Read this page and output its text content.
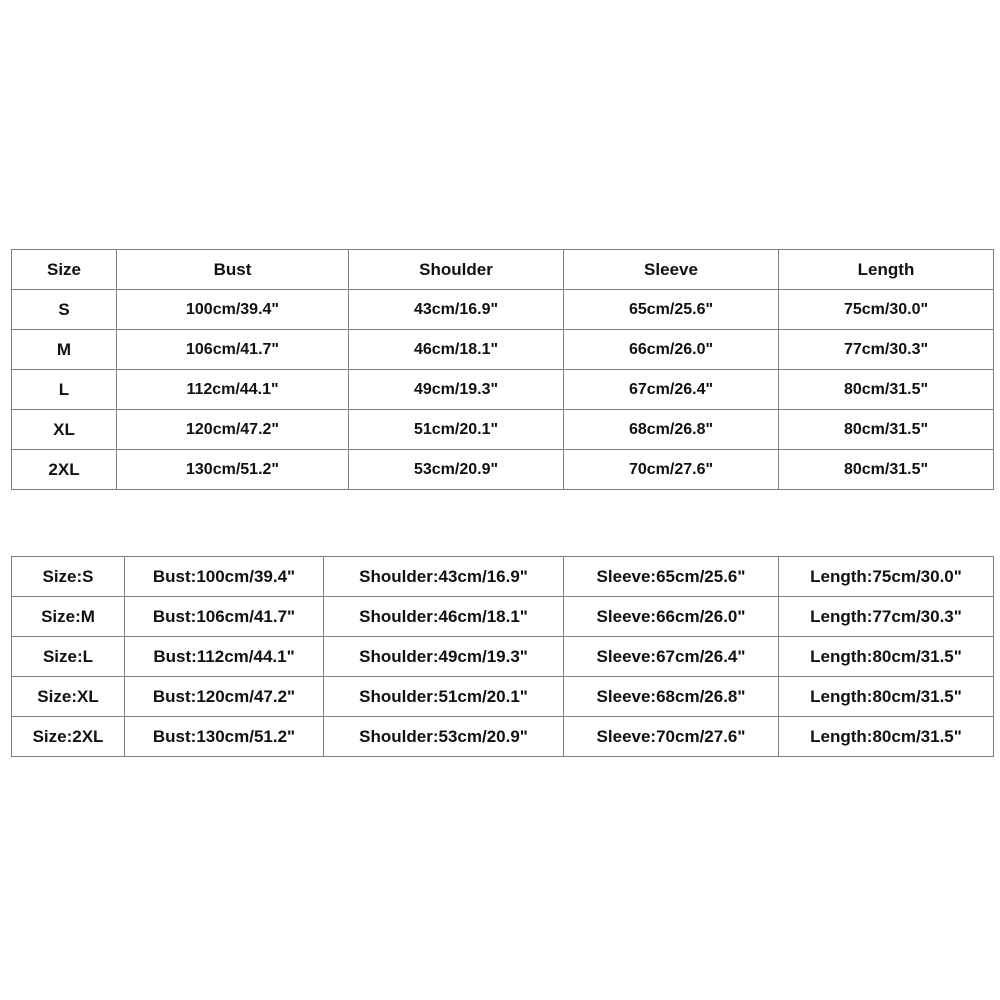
Size	Bust	Shoulder	Sleeve	Length
S	100cm/39.4"	43cm/16.9"	65cm/25.6"	75cm/30.0"
M	106cm/41.7"	46cm/18.1"	66cm/26.0"	77cm/30.3"
L	112cm/44.1"	49cm/19.3"	67cm/26.4"	80cm/31.5"
XL	120cm/47.2"	51cm/20.1"	68cm/26.8"	80cm/31.5"
2XL	130cm/51.2"	53cm/20.9"	70cm/27.6"	80cm/31.5"
Size:S	Bust:100cm/39.4"	Shoulder:43cm/16.9"	Sleeve:65cm/25.6"	Length:75cm/30.0"
Size:M	Bust:106cm/41.7"	Shoulder:46cm/18.1"	Sleeve:66cm/26.0"	Length:77cm/30.3"
Size:L	Bust:112cm/44.1"	Shoulder:49cm/19.3"	Sleeve:67cm/26.4"	Length:80cm/31.5"
Size:XL	Bust:120cm/47.2"	Shoulder:51cm/20.1"	Sleeve:68cm/26.8"	Length:80cm/31.5"
Size:2XL	Bust:130cm/51.2"	Shoulder:53cm/20.9"	Sleeve:70cm/27.6"	Length:80cm/31.5"
